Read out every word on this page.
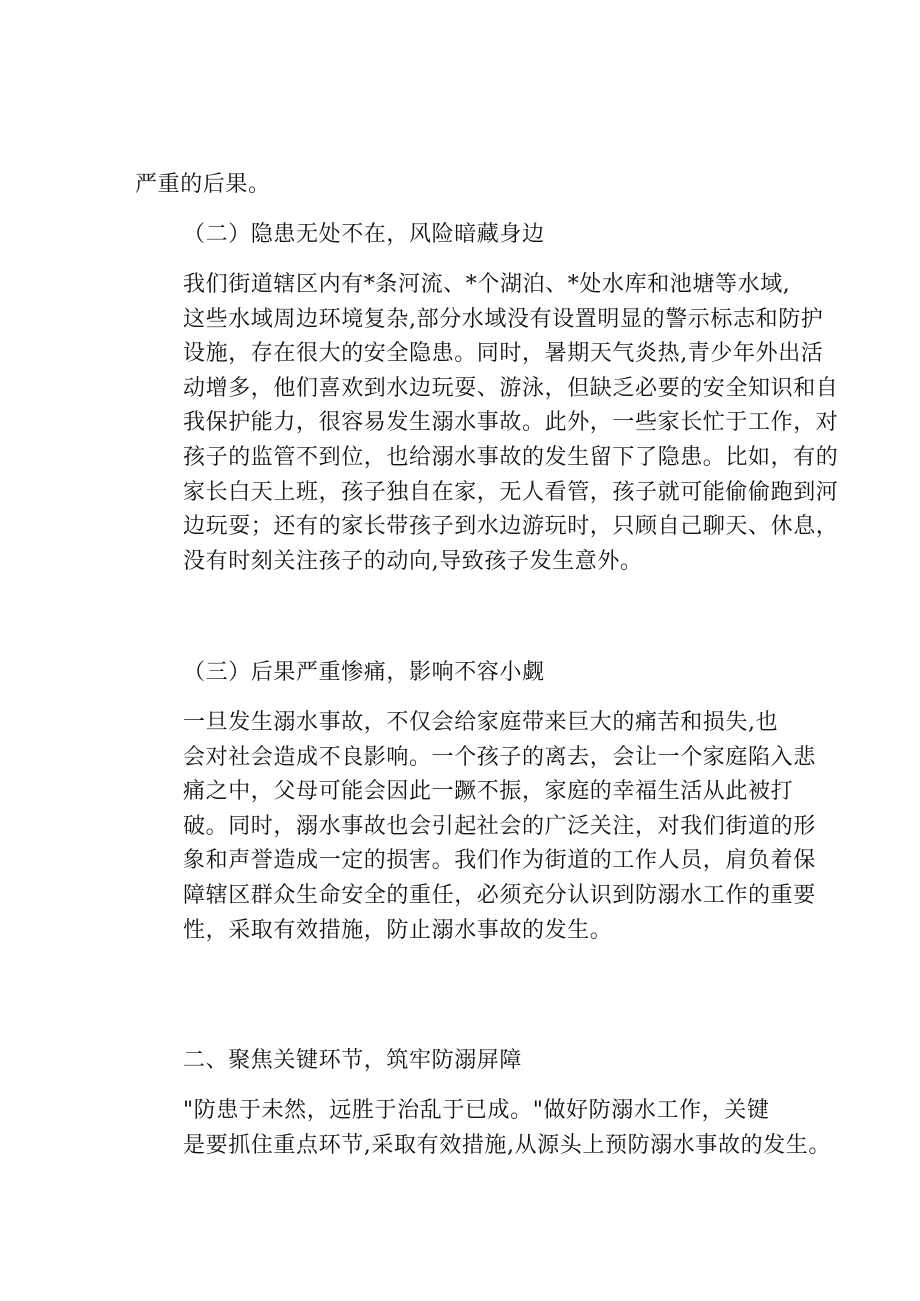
严重的后果。

（二）隐患无处不在，风险暗藏身边

我们街道辖区内有*条河流、*个湖泊、*处水库和池塘等水域,
这些水域周边环境复杂,部分水域没有设置明显的警示标志和防护
设施，存在很大的安全隐患。同时，暑期天气炎热,青少年外出活
动增多，他们喜欢到水边玩耍、游泳，但缺乏必要的安全知识和自
我保护能力，很容易发生溺水事故。此外，一些家长忙于工作，对
孩子的监管不到位，也给溺水事故的发生留下了隐患。比如，有的
家长白天上班，孩子独自在家，无人看管，孩子就可能偷偷跑到河
边玩耍；还有的家长带孩子到水边游玩时，只顾自己聊天、休息，
没有时刻关注孩子的动向,导致孩子发生意外。

（三）后果严重惨痛，影响不容小觑

一旦发生溺水事故，不仅会给家庭带来巨大的痛苦和损失,也
会对社会造成不良影响。一个孩子的离去，会让一个家庭陷入悲
痛之中，父母可能会因此一蹶不振，家庭的幸福生活从此被打
破。同时，溺水事故也会引起社会的广泛关注，对我们街道的形
象和声誉造成一定的损害。我们作为街道的工作人员，肩负着保
障辖区群众生命安全的重任，必须充分认识到防溺水工作的重要
性，采取有效措施，防止溺水事故的发生。

二、聚焦关键环节，筑牢防溺屏障

"防患于未然，远胜于治乱于已成。"做好防溺水工作，关键
是要抓住重点环节,采取有效措施,从源头上预防溺水事故的发生。
